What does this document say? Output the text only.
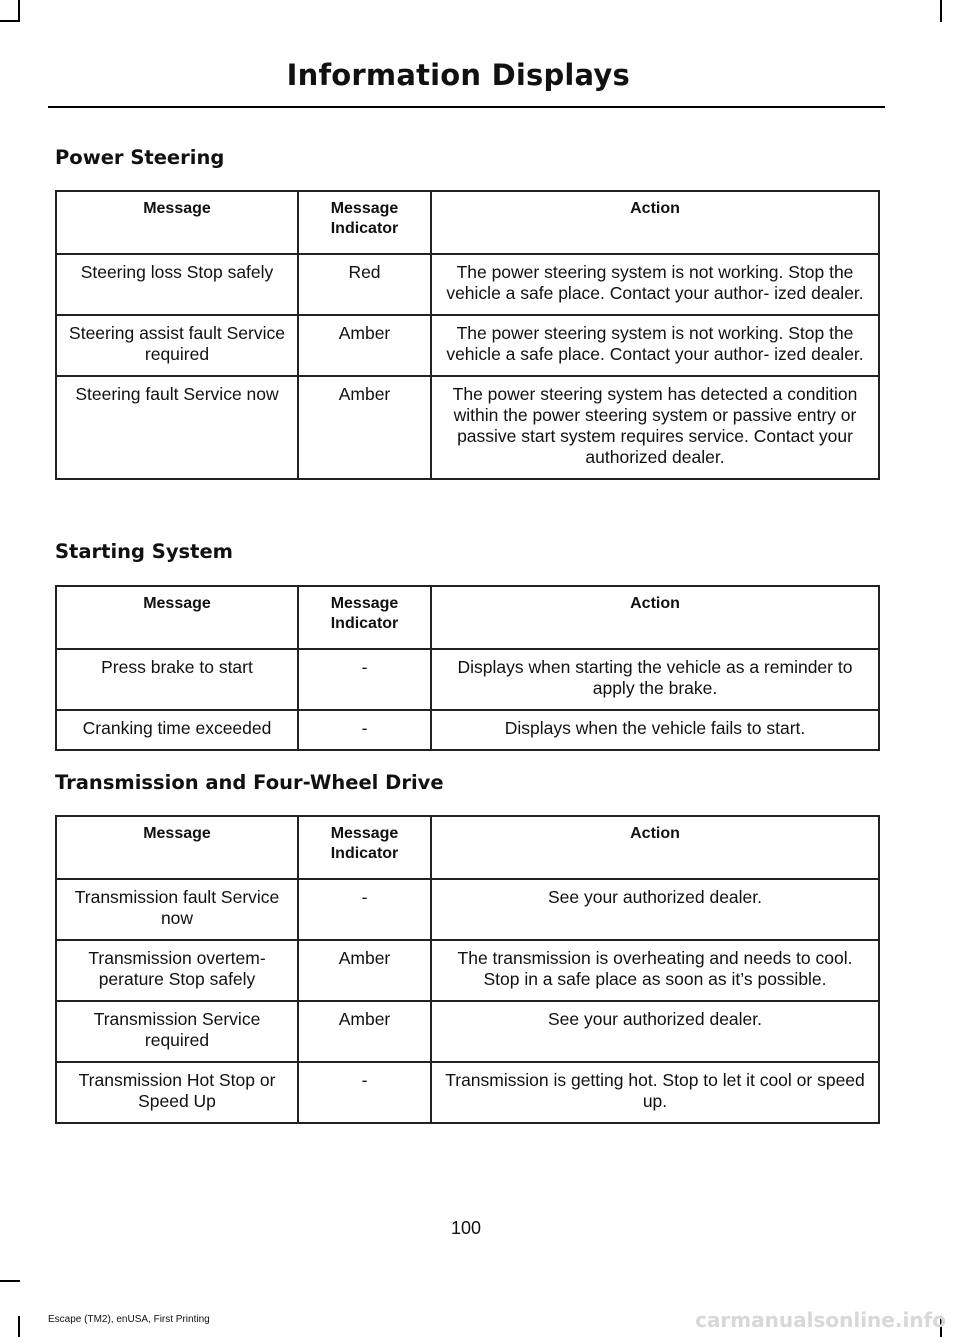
Information Displays
Power Steering
Message	Message Indicator	Action
Steering loss Stop safely	Red	The power steering system is not working. Stop the vehicle a safe place. Contact your author- ized dealer.
Steering assist fault Service required	Amber	The power steering system is not working. Stop the vehicle a safe place. Contact your author- ized dealer.
Steering fault Service now	Amber	The power steering system has detected a condition within the power steering system or passive entry or passive start system requires service. Contact your authorized dealer.
Starting System
Message	Message Indicator	Action
Press brake to start	-	Displays when starting the vehicle as a reminder to apply the brake.
Cranking time exceeded	-	Displays when the vehicle fails to start.
Transmission and Four-Wheel Drive
Message	Message Indicator	Action
Transmission fault Service now	-	See your authorized dealer.
Transmission overtem- perature Stop safely	Amber	The transmission is overheating and needs to cool. Stop in a safe place as soon as it’s possible.
Transmission Service required	Amber	See your authorized dealer.
Transmission Hot Stop or Speed Up	-	Transmission is getting hot. Stop to let it cool or speed up.
100
Escape (TM2), enUSA, First Printing	carmanualsonline.info
